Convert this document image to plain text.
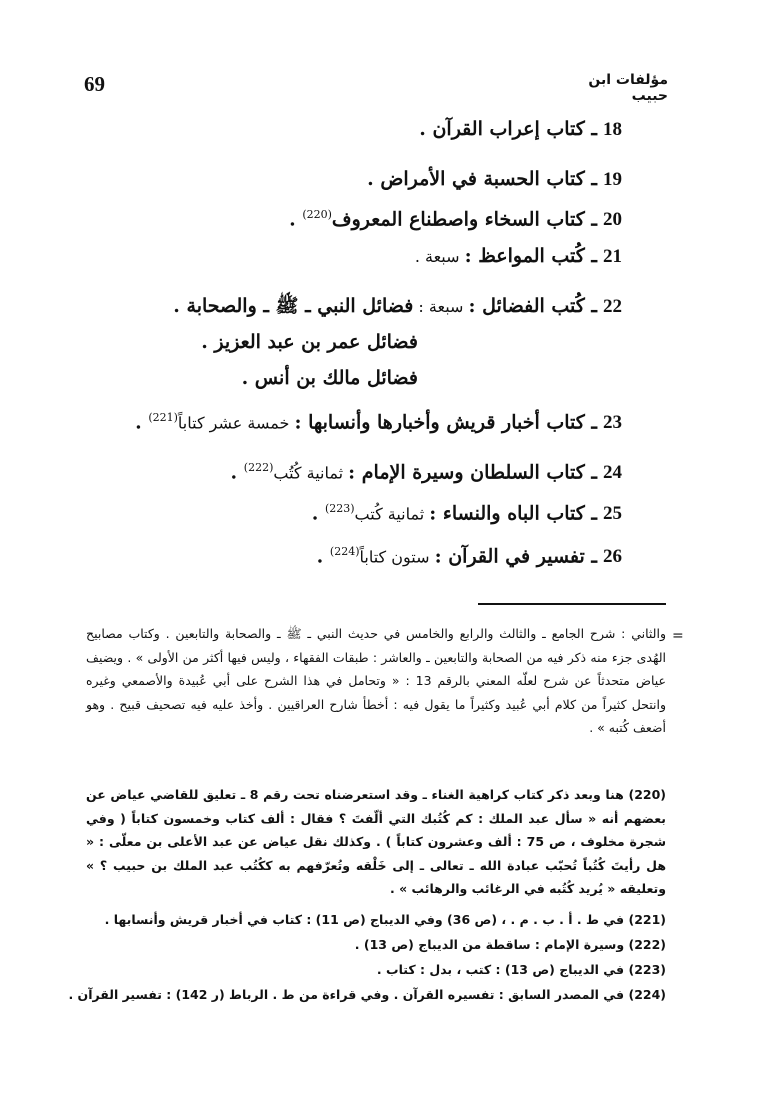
69	مؤلفات ابن حبيب
18ـ كتاب إعراب القرآن .
19ـ كتاب الحسبة في الأمراض .
20ـ كتاب السخاء واصطناع المعروف$^{(220)}$ .
21ـ كُتب المواعظ : سبعة .
22ـ كُتب الفضائل : سبعة : فضائل النبي ـ ﷺ ـ والصحابة .
فضائل عمر بن عبد العزيز .
فضائل مالك بن أنس .
23ـ كتاب أخبار قريش وأخبارها وأنسابها : خمسة عشر كتاباً$^{(221)}$ .
24ـ كتاب السلطان وسيرة الإمام : ثمانية كُتُب$^{(222)}$ .
25ـ كتاب الباه والنساء : ثمانية كُتب$^{(223)}$ .
26ـ تفسير في القرآن : ستون كتاباً$^{(224)}$ .
=
والثاني : شرح الجامع ـ والثالث والرابع والخامس في حديث النبي ـ ﷺ ـ والصحابة والتابعين . وكتاب مصابيح الهُدى جزء منه ذكر فيه من الصحابة والتابعين ـ والعاشر : طبقات الفقهاء ، وليس فيها أكثر من الأولى » . ويضيف عياض متحدثاً عن شرح لعلّه المعني بالرقم 13 : « وتحامل في هذا الشرح على أبي عُبيدة والأصمعي وغيره وانتحل كثيراً من كلام أبي عُبيد وكثيراً ما يقول فيه : أخطأ شارح العراقيين . وأخذ عليه فيه تصحيف قبيح . وهو أضعف كُتبه » .
(220) هنا وبعد ذكر كتاب كراهية الغناء ـ وقد استعرضناه تحت رقم 8 ـ تعليق للقاضي عياض عن بعضهم أنه « سأل عبد الملك : كم كُتُبك التي ألّفتَ ؟ فقال : ألف كتاب وخمسون كتاباً ( وفي شجرة مخلوف ، ص 75 : ألف وعشرون كتاباً ) . وكذلك نقل عياض عن عبد الأعلى بن معلّى : « هل رأيتَ كُتُباً تُحبّب عبادة الله ـ تعالى ـ إلى خَلْقه وتُعرّفهم به ككُتُب عبد الملك بن حبيب ؟ » وتعليقه « يُريد كُتُبه في الرغائب والرهائب » .
(221) في ط . أ . ب . م . ، (ص 36) وفي الديباج (ص 11) : كتاب في أخبار قريش وأنسابها .
(222) وسيرة الإمام : ساقطة من الديباج (ص 13) .
(223) في الديباج (ص 13) : كتب ، بدل : كتاب .
(224) في المصدر السابق : تفسيره القرآن . وفي قراءة من ط . الرباط (ر 142) : تفسير القرآن .
